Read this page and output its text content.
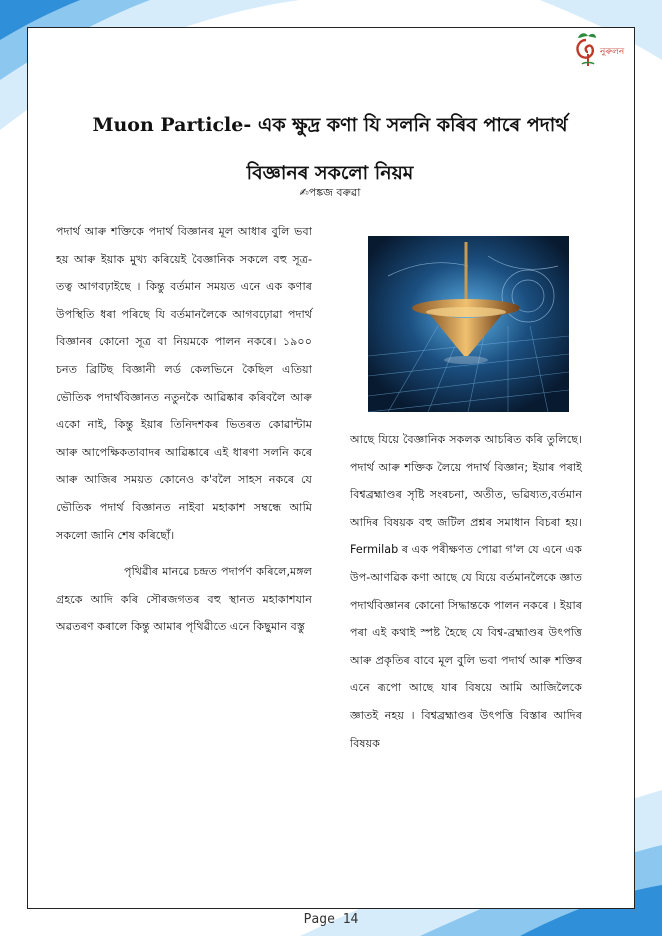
নুৰুলন
Muon Particle- এক ক্ষুদ্ৰ কণা যি সলনি কৰিব পাৰে পদাৰ্থ বিজ্ঞানৰ সকলো নিয়ম
✍পঙ্কজ বৰুৱা

পদাৰ্থ আৰু শক্তিকে পদাৰ্থ বিজ্ঞানৰ মূল আধাৰ বুলি ভবা হয় আৰু ইয়াক মুখ্য কৰিয়েই বৈজ্ঞানিক সকলে বহু সূত্ৰ-তত্ব আগবঢ়াইছে । কিন্তু বৰ্তমান সময়ত এনে এক কণাৰ উপস্থিতি ধৰা পৰিছে যি বৰ্তমানলৈকে আগবঢ়োৱা পদাৰ্থ বিজ্ঞানৰ কোনো সূত্ৰ বা নিয়মকে পালন নকৰে। ১৯০০ চনত ব্ৰিটিছ বিজ্ঞানী লৰ্ড কেলভিনে কৈছিল এতিয়া ভৌতিক পদাৰ্থবিজ্ঞানত নতুনকৈ আৱিষ্কাৰ কৰিবলৈ আৰু একো নাই, কিন্তু ইয়াৰ তিনিদশকৰ ভিতৰত কোৱান্টাম আৰু আপেক্ষিকতাবাদৰ আৱিষ্কাৰে এই ধাৰণা সলনি কৰে আৰু আজিৰ সময়ত কোনেও ক'বলৈ সাহস নকৰে যে ভৌতিক পদাৰ্থ বিজ্ঞানত নাইবা মহাকাশ সম্বন্ধে আমি সকলো জানি শেষ কৰিছোঁ।

পৃথিৱীৰ মানৱে চন্দ্ৰত পদাৰ্পণ কৰিলে,মঙ্গল গ্ৰহকে আদি কৰি সৌৰজগতৰ বহু স্থানত মহাকাশযান অৱতৰণ কৰালে কিন্তু আমাৰ পৃথিৱীতে এনে কিছুমান বস্তু

আছে যিয়ে বৈজ্ঞানিক সকলক আচৰিত কৰি তুলিছে। পদাৰ্থ আৰু শক্তিক লৈয়ে পদাৰ্থ বিজ্ঞান; ইয়াৰ পৰাই বিশ্বব্ৰহ্মাণ্ডৰ সৃষ্টি সংৰচনা, অতীত, ভৱিষ্যত,বৰ্তমান আদিৰ বিষয়ক বহু জটিল প্ৰশ্নৰ সমাধান বিচৰা হয়। Fermilab ৰ এক পৰীক্ষণত পোৱা গ'ল যে এনে এক উপ-আণৱিক কণা আছে যে যিয়ে বৰ্তমানলৈকে জ্ঞাত পদাৰ্থবিজ্ঞানৰ কোনো সিদ্ধান্তকে পালন নকৰে । ইয়াৰ পৰা এই কথাই স্পষ্ট হৈছে যে বিশ্ব-ব্ৰহ্মাণ্ডৰ উৎপত্তি আৰু প্ৰকৃতিৰ বাবে মূল বুলি ভবা পদাৰ্থ আৰু শক্তিৰ এনে ৰূপো আছে যাৰ বিষয়ে আমি আজিলৈকে জ্ঞাতই নহয় । বিশ্বব্ৰহ্মাণ্ডৰ উৎপত্তি বিস্তাৰ আদিৰ বিষয়ক

Page 14
